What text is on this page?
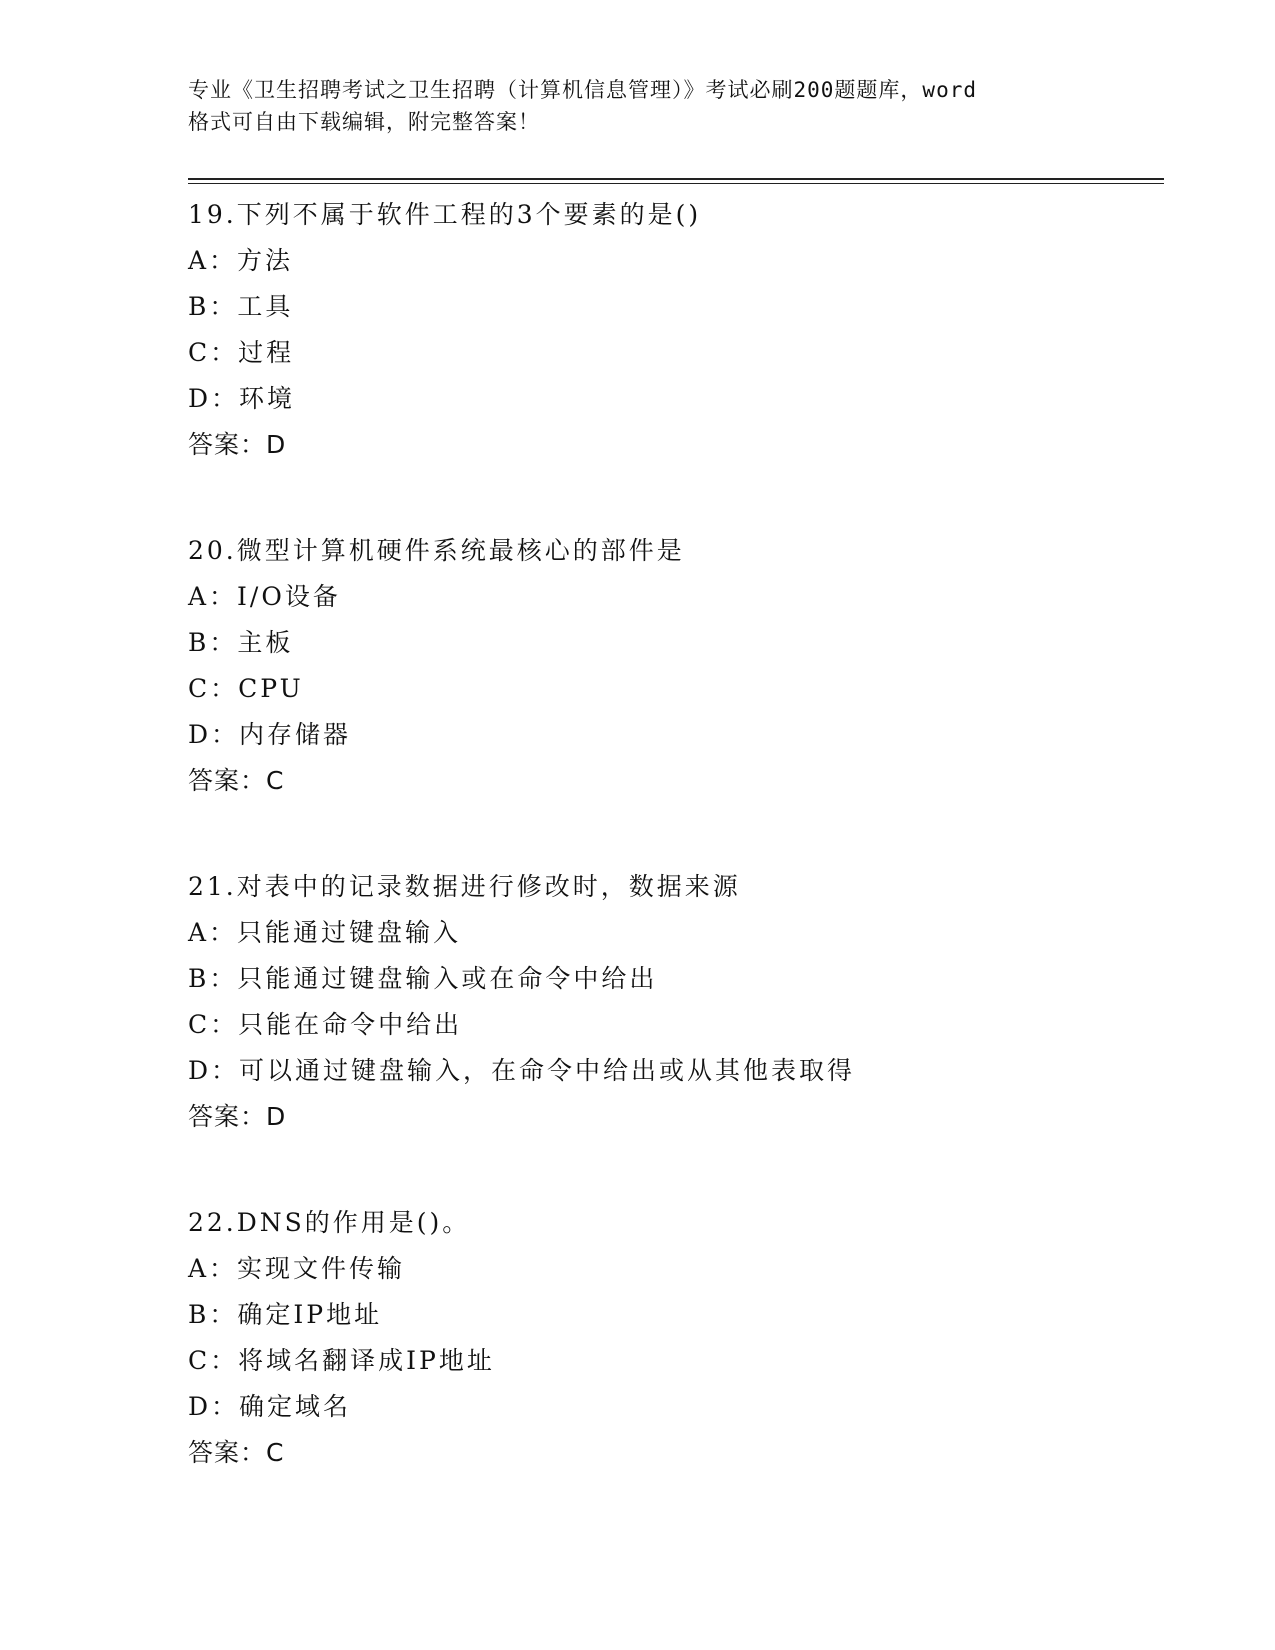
专业《卫生招聘考试之卫生招聘（计算机信息管理）》考试必刷200题题库，word
格式可自由下载编辑，附完整答案！
19.下列不属于软件工程的3个要素的是()
A：方法
B：工具
C：过程
D：环境
答案：D
20.微型计算机硬件系统最核心的部件是
A：I/O设备
B：主板
C：CPU
D：内存储器
答案：C
21.对表中的记录数据进行修改时，数据来源
A：只能通过键盘输入
B：只能通过键盘输入或在命令中给出
C：只能在命令中给出
D：可以通过键盘输入，在命令中给出或从其他表取得
答案：D
22.DNS的作用是()。
A：实现文件传输
B：确定IP地址
C：将域名翻译成IP地址
D：确定域名
答案：C
